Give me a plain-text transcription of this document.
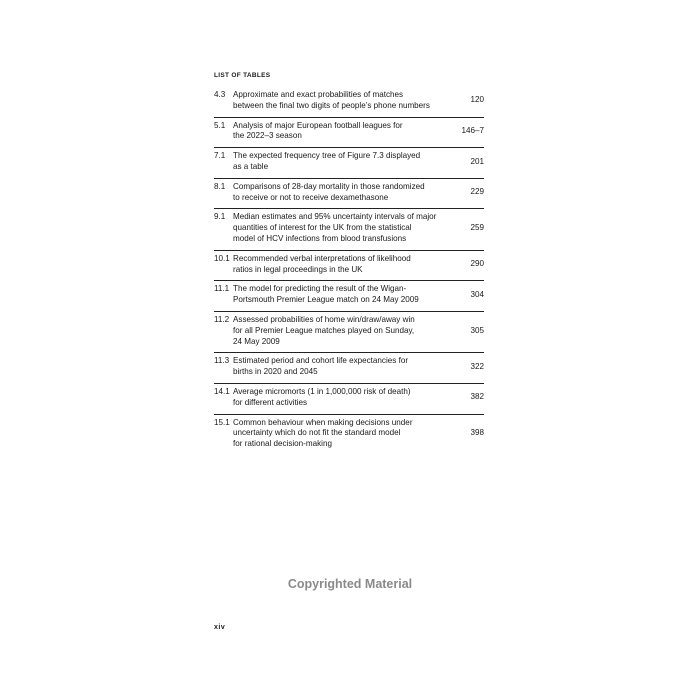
LIST OF TABLES
4.3 Approximate and exact probabilities of matches
between the final two digits of people’s phone numbers
120
5.1 Analysis of major European football leagues for
the 2022–3 season
146–7
7.1 The expected frequency tree of Figure 7.3 displayed
as a table
201
8.1 Comparisons of 28-day mortality in those randomized
to receive or not to receive dexamethasone
229
9.1 Median estimates and 95% uncertainty intervals of major
quantities of interest for the UK from the statistical
model of HCV infections from blood transfusions
259
10.1 Recommended verbal interpretations of likelihood
ratios in legal proceedings in the UK
290
11.1 The model for predicting the result of the Wigan-
Portsmouth Premier League match on 24 May 2009
304
11.2 Assessed probabilities of home win/draw/away win
for all Premier League matches played on Sunday,
24 May 2009
305
11.3 Estimated period and cohort life expectancies for
births in 2020 and 2045
322
14.1 Average micromorts (1 in 1,000,000 risk of death)
for different activities
382
15.1 Common behaviour when making decisions under
uncertainty which do not fit the standard model
for rational decision-making
398
Copyrighted Material
xiv
